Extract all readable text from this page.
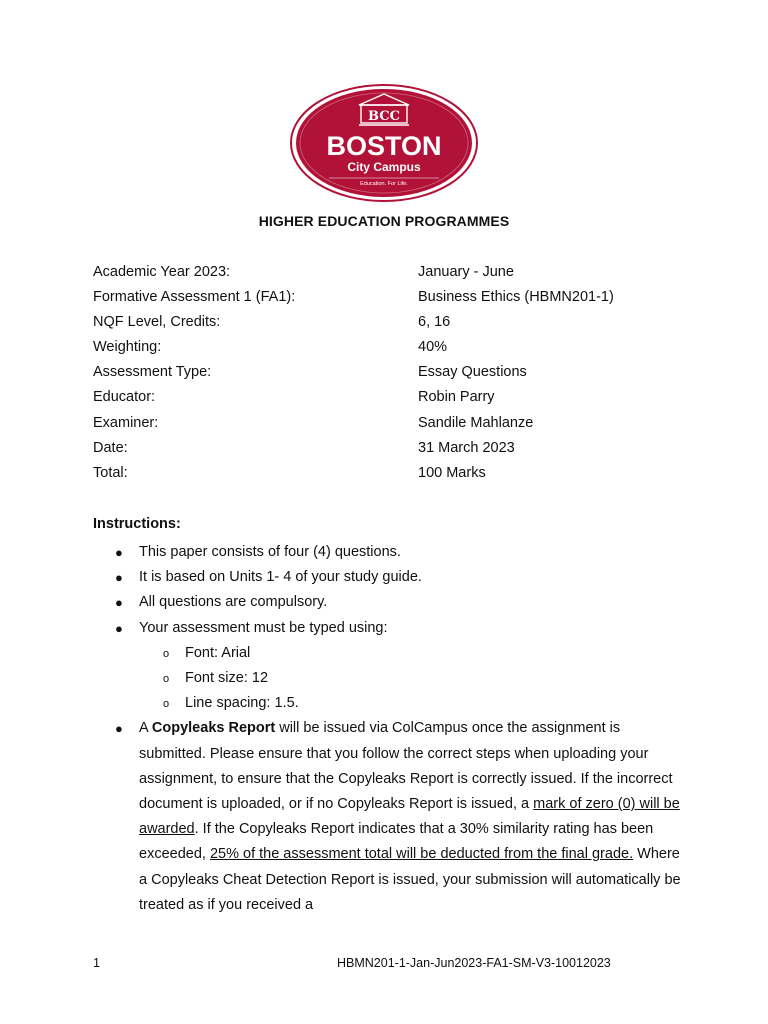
BCC
BOSTON
City Campus
Education. For Life.
HIGHER EDUCATION PROGRAMMES
Academic Year 2023:	January - June
Formative Assessment 1 (FA1):	Business Ethics (HBMN201-1)
NQF Level, Credits:	6, 16
Weighting:	40%
Assessment Type:	Essay Questions
Educator:	Robin Parry
Examiner:	Sandile Mahlanze
Date:	31 March 2023
Total:	100 Marks
Instructions:
● This paper consists of four (4) questions.
● It is based on Units 1- 4 of your study guide.
● All questions are compulsory.
● Your assessment must be typed using:
o Font: Arial
o Font size: 12
o Line spacing: 1.5.
● A Copyleaks Report will be issued via ColCampus once the assignment is submitted. Please ensure that you follow the correct steps when uploading your assignment, to ensure that the Copyleaks Report is correctly issued. If the incorrect document is uploaded, or if no Copyleaks Report is issued, a mark of zero (0) will be awarded. If the Copyleaks Report indicates that a 30% similarity rating has been exceeded, 25% of the assessment total will be deducted from the final grade. Where a Copyleaks Cheat Detection Report is issued, your submission will automatically be treated as if you received a
1	HBMN201-1-Jan-Jun2023-FA1-SM-V3-10012023
